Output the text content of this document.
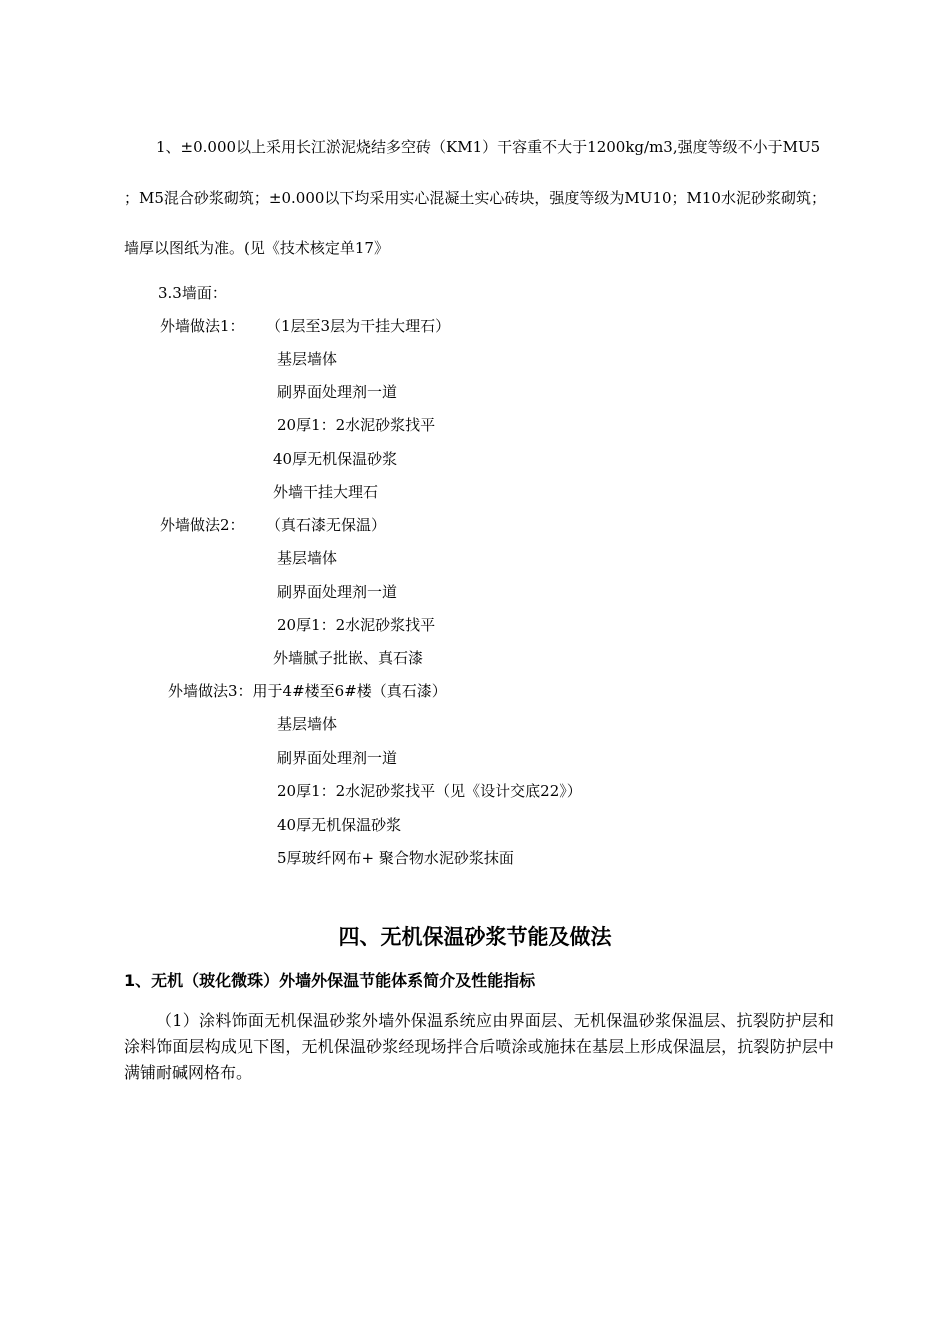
1、±0.000以上采用长江淤泥烧结多空砖（KM1）干容重不大于1200kg/m3,强度等级不小于MU5
；M5混合砂浆砌筑；±0.000以下均采用实心混凝土实心砖块，强度等级为MU10；M10水泥砂浆砌筑；
墙厚以图纸为准。(见《技术核定单17》
3.3墙面：
外墙做法1： （1层至3层为干挂大理石）
基层墙体
刷界面处理剂一道
20厚1：2水泥砂浆找平
40厚无机保温砂浆
外墙干挂大理石
外墙做法2： （真石漆无保温）
基层墙体
刷界面处理剂一道
20厚1：2水泥砂浆找平
外墙腻子批嵌、真石漆
外墙做法3：用于4#楼至6#楼（真石漆）
基层墙体
刷界面处理剂一道
20厚1：2水泥砂浆找平（见《设计交底22》）
40厚无机保温砂浆
5厚玻纤网布+ 聚合物水泥砂浆抹面
四、无机保温砂浆节能及做法
1、无机（玻化微珠）外墙外保温节能体系简介及性能指标

（1）涂料饰面无机保温砂浆外墙外保温系统应由界面层、无机保温砂浆保温层、抗裂防护层和涂料饰面层构成见下图，无机保温砂浆经现场拌合后喷涂或施抹在基层上形成保温层，抗裂防护层中满铺耐碱网格布。
